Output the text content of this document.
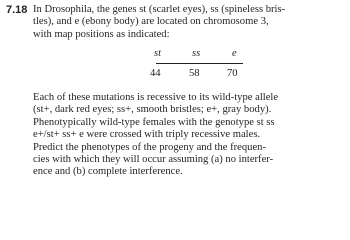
7.18 In Drosophila, the genes st (scarlet eyes), ss (spineless bris-
tles), and e (ebony body) are located on chromosome 3,
with map positions as indicated:
st	ss	e
44	58	70
Each of these mutations is recessive to its wild-type allele
(st+, dark red eyes; ss+, smooth bristles; e+, gray body).
Phenotypically wild-type females with the genotype st ss
e+/st+ ss+ e were crossed with triply recessive males.
Predict the phenotypes of the progeny and the frequen-
cies with which they will occur assuming (a) no interfer-
ence and (b) complete interference.
